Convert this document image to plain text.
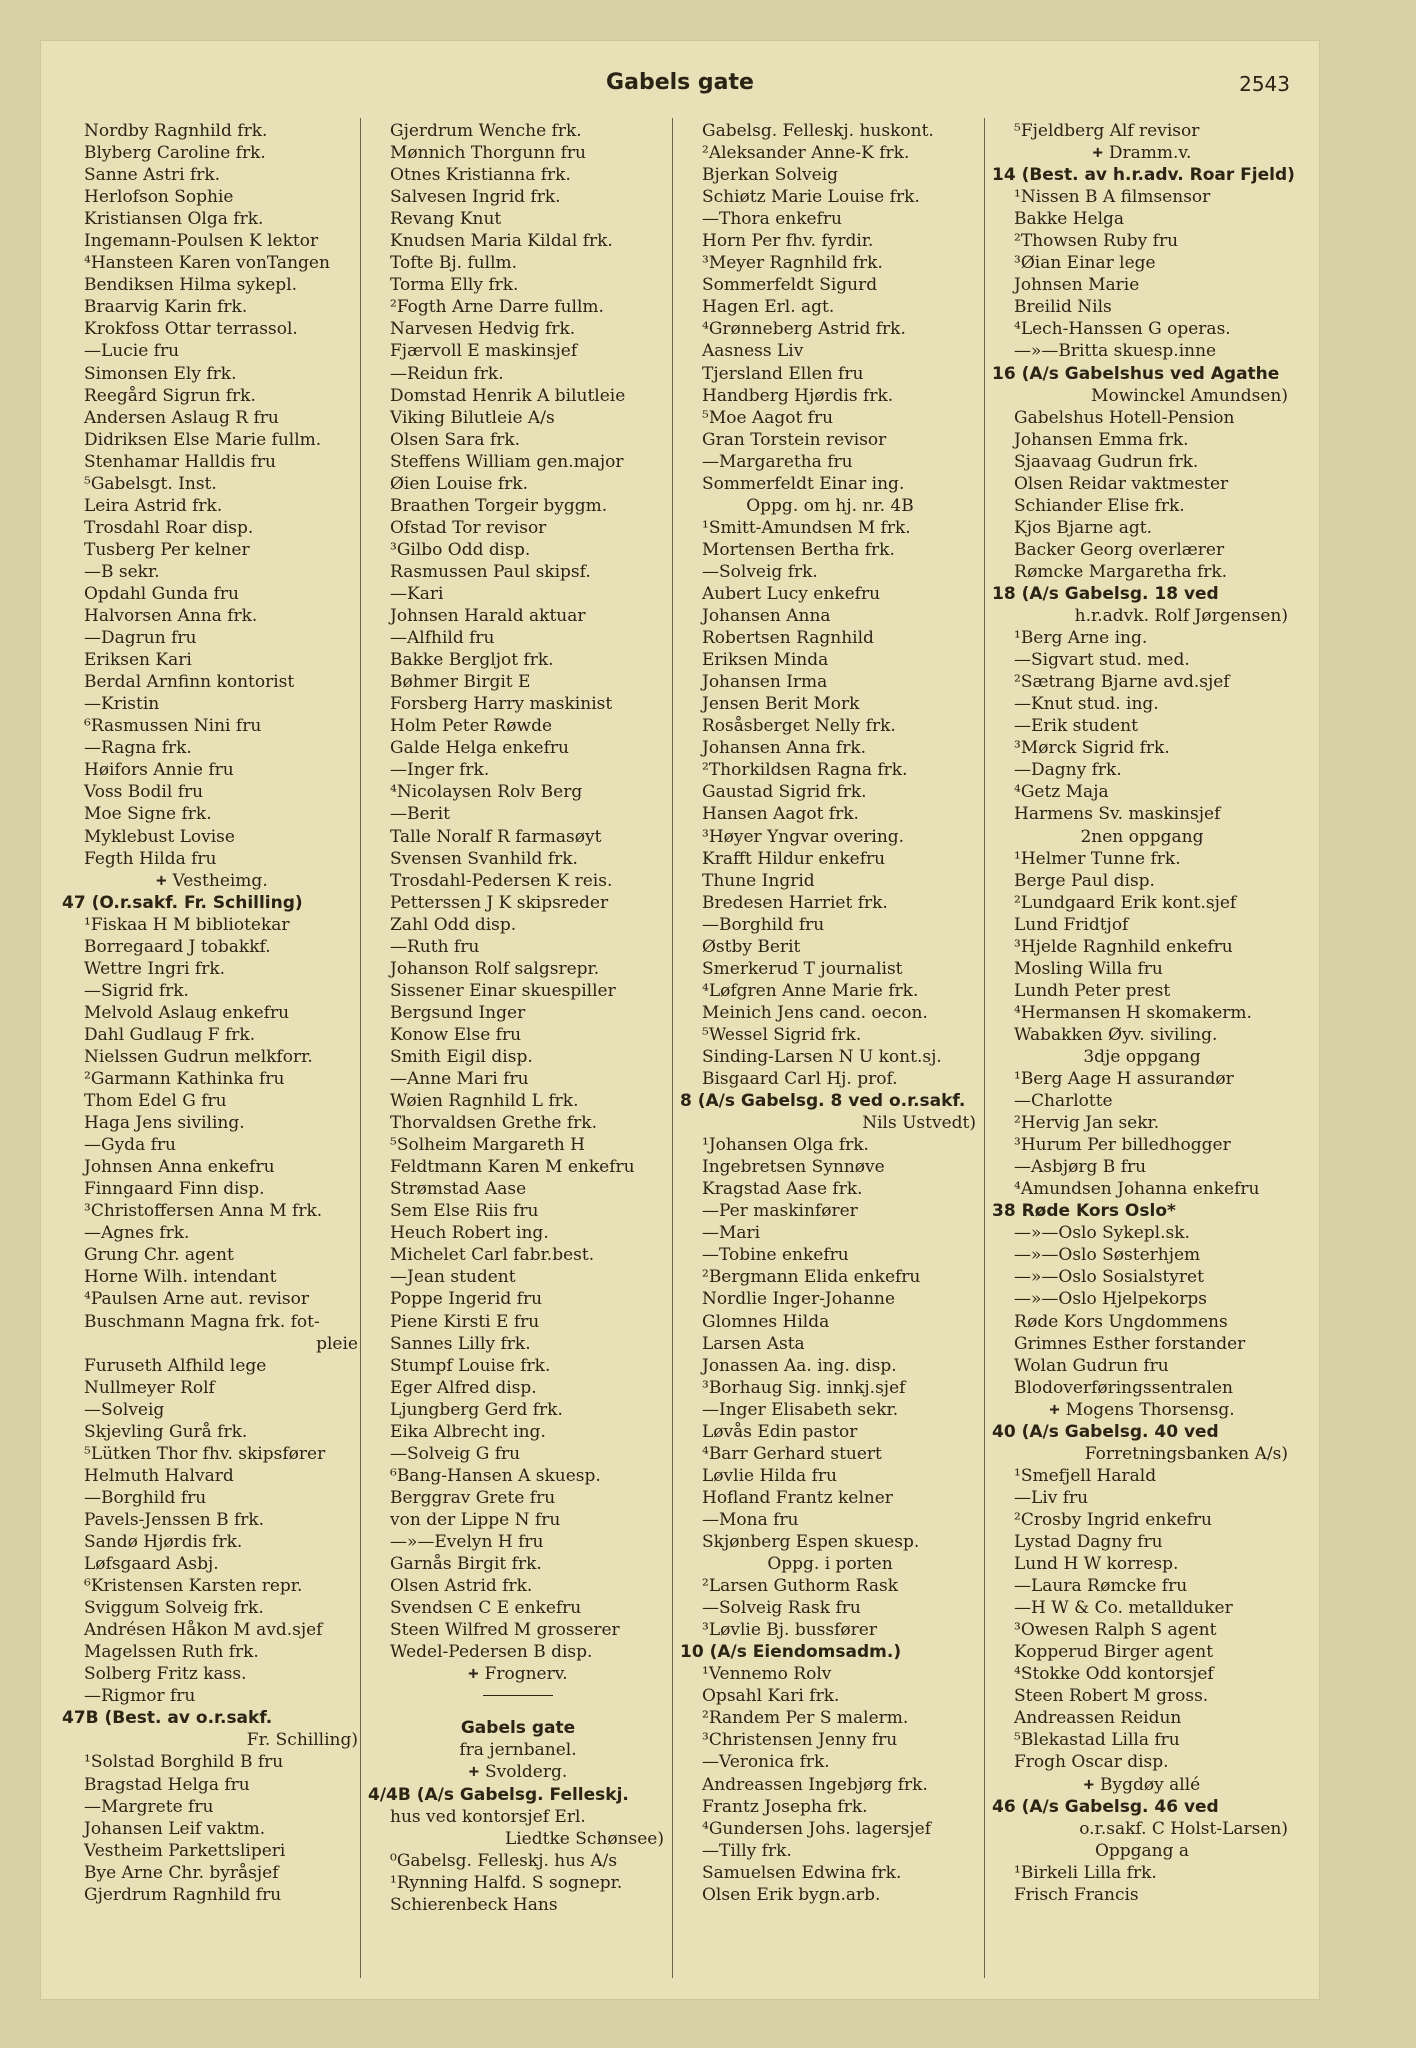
Gabels gate	2543
Nordby Ragnhild frk.
Blyberg Caroline frk.
Sanne Astri frk.
Herlofson Sophie
Kristiansen Olga frk.
Ingemann-Poulsen K lektor
⁴Hansteen Karen vonTangen
Bendiksen Hilma sykepl.
Braarvig Karin frk.
Krokfoss Ottar terrassol.
—Lucie fru
Simonsen Ely frk.
Reegård Sigrun frk.
Andersen Aslaug R fru
Didriksen Else Marie fullm.
Stenhamar Halldis fru
⁵Gabelsgt. Inst.
Leira Astrid frk.
Trosdahl Roar disp.
Tusberg Per kelner
—B sekr.
Opdahl Gunda fru
Halvorsen Anna frk.
—Dagrun fru
Eriksen Kari
Berdal Arnfinn kontorist
—Kristin
⁶Rasmussen Nini fru
—Ragna frk.
Høifors Annie fru
Voss Bodil fru
Moe Signe frk.
Myklebust Lovise
Fegth Hilda fru
+ Vestheimg.
47 (O.r.sakf. Fr. Schilling)
¹Fiskaa H M bibliotekar
Borregaard J tobakkf.
Wettre Ingri frk.
—Sigrid frk.
Melvold Aslaug enkefru
Dahl Gudlaug F frk.
Nielssen Gudrun melkforr.
²Garmann Kathinka fru
Thom Edel G fru
Haga Jens siviling.
—Gyda fru
Johnsen Anna enkefru
Finngaard Finn disp.
³Christoffersen Anna M frk.
—Agnes frk.
Grung Chr. agent
Horne Wilh. intendant
⁴Paulsen Arne aut. revisor
Buschmann Magna frk. fot-
pleie
Furuseth Alfhild lege
Nullmeyer Rolf
—Solveig
Skjevling Gurå frk.
⁵Lütken Thor fhv. skipsfører
Helmuth Halvard
—Borghild fru
Pavels-Jenssen B frk.
Sandø Hjørdis frk.
Løfsgaard Asbj.
⁶Kristensen Karsten repr.
Sviggum Solveig frk.
Andrésen Håkon M avd.sjef
Magelssen Ruth frk.
Solberg Fritz kass.
—Rigmor fru
47B (Best. av o.r.sakf.
Fr. Schilling)
¹Solstad Borghild B fru
Bragstad Helga fru
—Margrete fru
Johansen Leif vaktm.
Vestheim Parkettsliperi
Bye Arne Chr. byråsjef
Gjerdrum Ragnhild fru
Gjerdrum Wenche frk.
Mønnich Thorgunn fru
Otnes Kristianna frk.
Salvesen Ingrid frk.
Revang Knut
Knudsen Maria Kildal frk.
Tofte Bj. fullm.
Torma Elly frk.
²Fogth Arne Darre fullm.
Narvesen Hedvig frk.
Fjærvoll E maskinsjef
—Reidun frk.
Domstad Henrik A bilutleie
Viking Bilutleie A/s
Olsen Sara frk.
Steffens William gen.major
Øien Louise frk.
Braathen Torgeir byggm.
Ofstad Tor revisor
³Gilbo Odd disp.
Rasmussen Paul skipsf.
—Kari
Johnsen Harald aktuar
—Alfhild fru
Bakke Bergljot frk.
Bøhmer Birgit E
Forsberg Harry maskinist
Holm Peter Røwde
Galde Helga enkefru
—Inger frk.
⁴Nicolaysen Rolv Berg
—Berit
Talle Noralf R farmasøyt
Svensen Svanhild frk.
Trosdahl-Pedersen K reis.
Petterssen J K skipsreder
Zahl Odd disp.
—Ruth fru
Johanson Rolf salgsrepr.
Sissener Einar skuespiller
Bergsund Inger
Konow Else fru
Smith Eigil disp.
—Anne Mari fru
Wøien Ragnhild L frk.
Thorvaldsen Grethe frk.
⁵Solheim Margareth H
Feldtmann Karen M enkefru
Strømstad Aase
Sem Else Riis fru
Heuch Robert ing.
Michelet Carl fabr.best.
—Jean student
Poppe Ingerid fru
Piene Kirsti E fru
Sannes Lilly frk.
Stumpf Louise frk.
Eger Alfred disp.
Ljungberg Gerd frk.
Eika Albrecht ing.
—Solveig G fru
⁶Bang-Hansen A skuesp.
Berggrav Grete fru
von der Lippe N fru
—»—Evelyn H fru
Garnås Birgit frk.
Olsen Astrid frk.
Svendsen C E enkefru
Steen Wilfred M grosserer
Wedel-Pedersen B disp.
+ Frognerv.
Gabels gate
fra jernbanel.
+ Svolderg.
4/4B (A/s Gabelsg. Felleskj.
hus ved kontorsjef Erl.
Liedtke Schønsee)
⁰Gabelsg. Felleskj. hus A/s
¹Rynning Halfd. S sognepr.
Schierenbeck Hans
Gabelsg. Felleskj. huskont.
²Aleksander Anne-K frk.
Bjerkan Solveig
Schiøtz Marie Louise frk.
—Thora enkefru
Horn Per fhv. fyrdir.
³Meyer Ragnhild frk.
Sommerfeldt Sigurd
Hagen Erl. agt.
⁴Grønneberg Astrid frk.
Aasness Liv
Tjersland Ellen fru
Handberg Hjørdis frk.
⁵Moe Aagot fru
Gran Torstein revisor
—Margaretha fru
Sommerfeldt Einar ing.
Oppg. om hj. nr. 4B
¹Smitt-Amundsen M frk.
Mortensen Bertha frk.
—Solveig frk.
Aubert Lucy enkefru
Johansen Anna
Robertsen Ragnhild
Eriksen Minda
Johansen Irma
Jensen Berit Mork
Rosåsberget Nelly frk.
Johansen Anna frk.
²Thorkildsen Ragna frk.
Gaustad Sigrid frk.
Hansen Aagot frk.
³Høyer Yngvar overing.
Krafft Hildur enkefru
Thune Ingrid
Bredesen Harriet frk.
—Borghild fru
Østby Berit
Smerkerud T journalist
⁴Løfgren Anne Marie frk.
Meinich Jens cand. oecon.
⁵Wessel Sigrid frk.
Sinding-Larsen N U kont.sj.
Bisgaard Carl Hj. prof.
8 (A/s Gabelsg. 8 ved o.r.sakf.
Nils Ustvedt)
¹Johansen Olga frk.
Ingebretsen Synnøve
Kragstad Aase frk.
—Per maskinfører
—Mari
—Tobine enkefru
²Bergmann Elida enkefru
Nordlie Inger-Johanne
Glomnes Hilda
Larsen Asta
Jonassen Aa. ing. disp.
³Borhaug Sig. innkj.sjef
—Inger Elisabeth sekr.
Løvås Edin pastor
⁴Barr Gerhard stuert
Løvlie Hilda fru
Hofland Frantz kelner
—Mona fru
Skjønberg Espen skuesp.
Oppg. i porten
²Larsen Guthorm Rask
—Solveig Rask fru
³Løvlie Bj. bussfører
10 (A/s Eiendomsadm.)
¹Vennemo Rolv
Opsahl Kari frk.
²Randem Per S malerm.
³Christensen Jenny fru
—Veronica frk.
Andreassen Ingebjørg frk.
Frantz Josepha frk.
⁴Gundersen Johs. lagersjef
—Tilly frk.
Samuelsen Edwina frk.
Olsen Erik bygn.arb.
⁵Fjeldberg Alf revisor
+ Dramm.v.
14 (Best. av h.r.adv. Roar Fjeld)
¹Nissen B A filmsensor
Bakke Helga
²Thowsen Ruby fru
³Øian Einar lege
Johnsen Marie
Breilid Nils
⁴Lech-Hanssen G operas.
—»—Britta skuesp.inne
16 (A/s Gabelshus ved Agathe
Mowinckel Amundsen)
Gabelshus Hotell-Pension
Johansen Emma frk.
Sjaavaag Gudrun frk.
Olsen Reidar vaktmester
Schiander Elise frk.
Kjos Bjarne agt.
Backer Georg overlærer
Rømcke Margaretha frk.
18 (A/s Gabelsg. 18 ved
h.r.advk. Rolf Jørgensen)
¹Berg Arne ing.
—Sigvart stud. med.
²Sætrang Bjarne avd.sjef
—Knut stud. ing.
—Erik student
³Mørck Sigrid frk.
—Dagny frk.
⁴Getz Maja
Harmens Sv. maskinsjef
2nen oppgang
¹Helmer Tunne frk.
Berge Paul disp.
²Lundgaard Erik kont.sjef
Lund Fridtjof
³Hjelde Ragnhild enkefru
Mosling Willa fru
Lundh Peter prest
⁴Hermansen H skomakerm.
Wabakken Øyv. siviling.
3dje oppgang
¹Berg Aage H assurandør
—Charlotte
²Hervig Jan sekr.
³Hurum Per billedhogger
—Asbjørg B fru
⁴Amundsen Johanna enkefru
38 Røde Kors Oslo*
—»—Oslo Sykepl.sk.
—»—Oslo Søsterhjem
—»—Oslo Sosialstyret
—»—Oslo Hjelpekorps
Røde Kors Ungdommens
Grimnes Esther forstander
Wolan Gudrun fru
Blodoverføringssentralen
+ Mogens Thorsensg.
40 (A/s Gabelsg. 40 ved
Forretningsbanken A/s)
¹Smefjell Harald
—Liv fru
²Crosby Ingrid enkefru
Lystad Dagny fru
Lund H W korresp.
—Laura Rømcke fru
—H W & Co. metallduker
³Owesen Ralph S agent
Kopperud Birger agent
⁴Stokke Odd kontorsjef
Steen Robert M gross.
Andreassen Reidun
⁵Blekastad Lilla fru
Frogh Oscar disp.
+ Bygdøy allé
46 (A/s Gabelsg. 46 ved
o.r.sakf. C Holst-Larsen)
Oppgang a
¹Birkeli Lilla frk.
Frisch Francis
